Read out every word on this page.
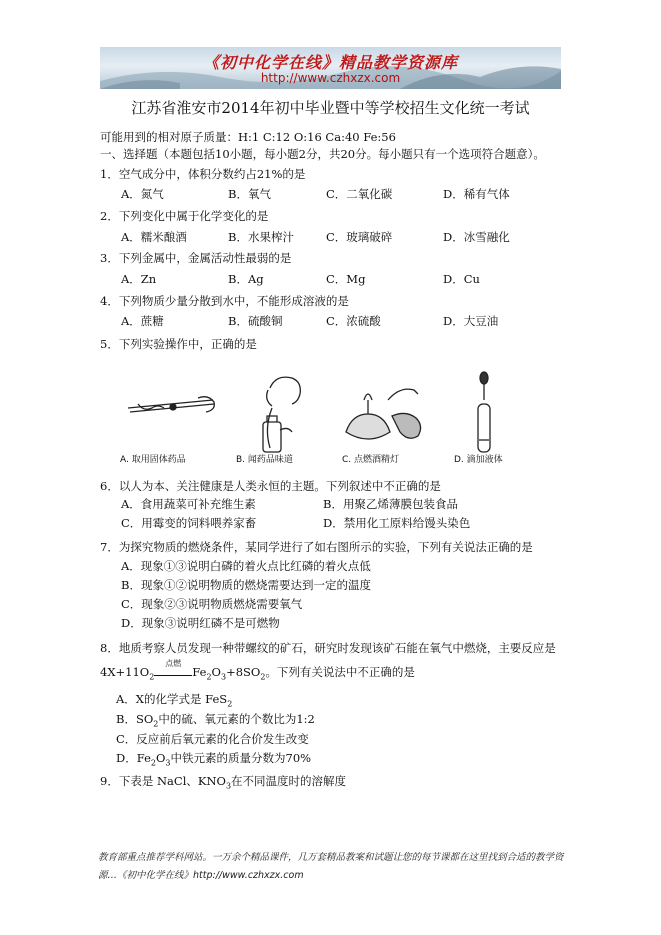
《初中化学在线》精品教学资源库
http://www.czhxzx.com
江苏省淮安市2014年初中毕业暨中等学校招生文化统一考试
可能用到的相对原子质量：H:1 C:12 O:16 Ca:40 Fe:56
一、选择题（本题包括10小题，每小题2分，共20分。每小题只有一个选项符合题意）。
1．空气成分中，体积分数约占21%的是
A．氮气	B．氧气	C．二氧化碳	D．稀有气体
2．下列变化中属于化学变化的是
A．糯米酿酒	B．水果榨汁	C．玻璃破碎	D．冰雪融化
3．下列金属中，金属活动性最弱的是
A．Zn	B．Ag	C．Mg	D．Cu
4．下列物质少量分散到水中，不能形成溶液的是
A．蔗糖	B．硫酸铜	C．浓硫酸	D．大豆油
5．下列实验操作中，正确的是
A. 取用固体药品	B. 闻药品味道	C. 点燃酒精灯	D. 滴加液体
6．以人为本、关注健康是人类永恒的主题。下列叙述中不正确的是
A．食用蔬菜可补充维生素	B．用聚乙烯薄膜包装食品
C．用霉变的饲料喂养家畜	D．禁用化工原料给馒头染色
7．为探究物质的燃烧条件，某同学进行了如右图所示的实验，下列有关说法正确的是
A．现象①③说明白磷的着火点比红磷的着火点低
B．现象①②说明物质的燃烧需要达到一定的温度
C．现象②③说明物质燃烧需要氧气
D．现象③说明红磷不是可燃物
8．地质考察人员发现一种带螺纹的矿石，研究时发现该矿石能在氧气中燃烧，主要反应是
$4X+11O_2$
点燃
$Fe_2O_3+8SO_2$。下列有关说法中不正确的是
A．X的化学式是 FeS$_2$
B．$SO_2$中的硫、氧元素的个数比为1:2
C．反应前后氧元素的化合价发生改变
D．$Fe_2O_3$中铁元素的质量分数为70%
9．下表是 NaCl、$KNO_3$在不同温度时的溶解度
教育部重点推荐学科网站。一万余个精品课件，几万套精品教案和试题让您的每节课都在这里找到合适的教学资源…《初中化学在线》http://www.czhxzx.com
